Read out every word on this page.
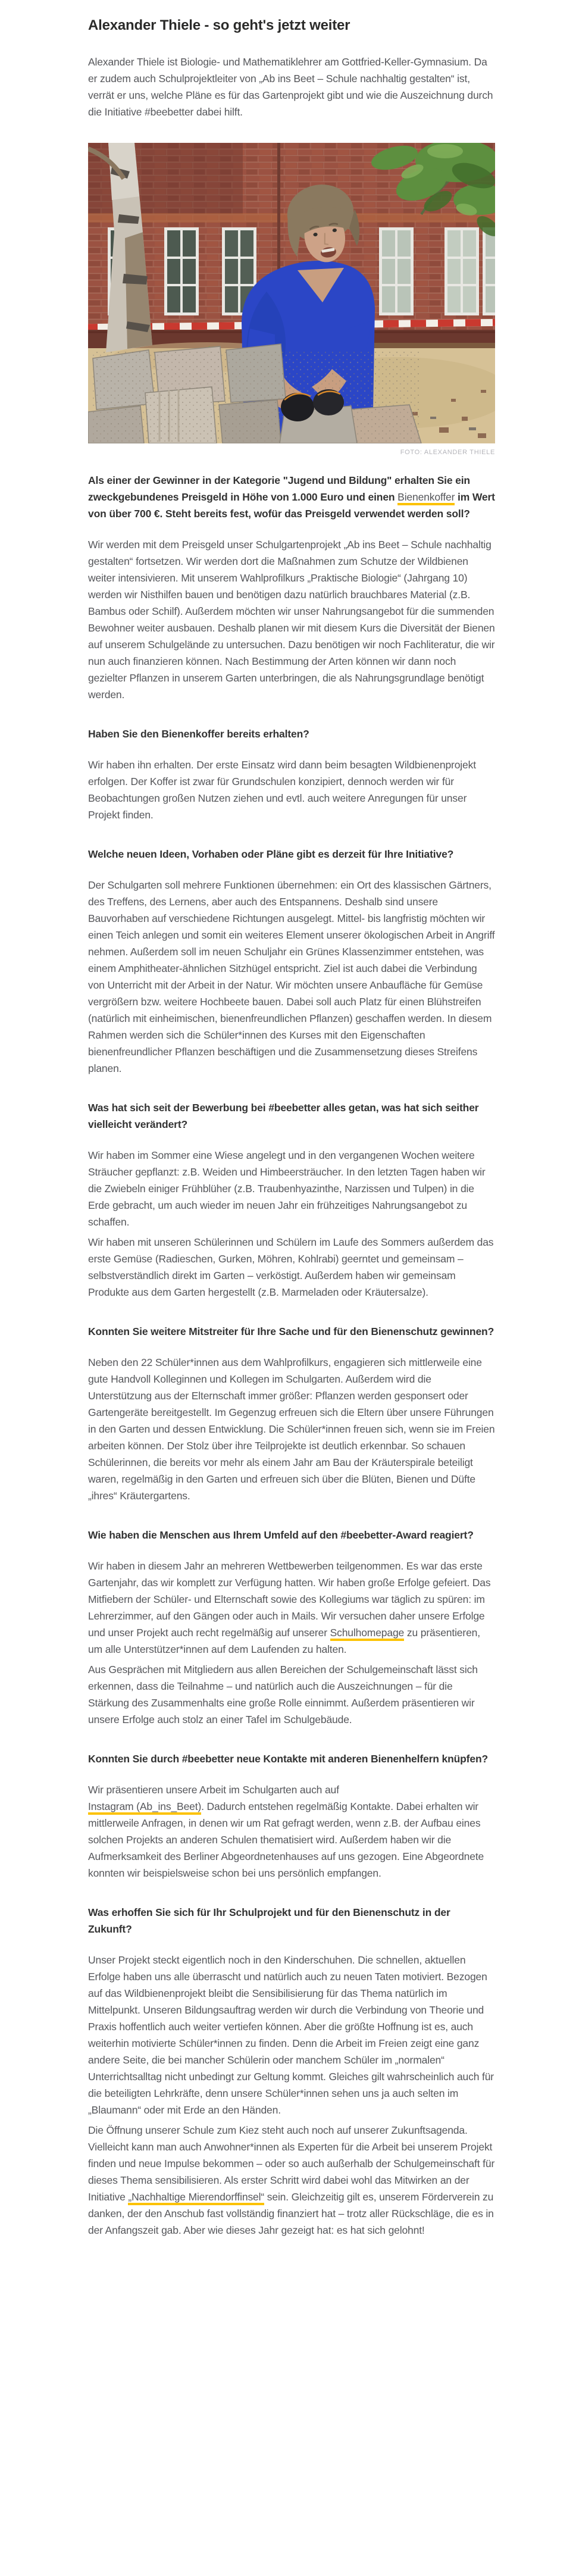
Alexander Thiele - so geht's jetzt weiter

Alexander Thiele ist Biologie- und Mathematiklehrer am Gottfried-Keller-Gymnasium. Da er zudem auch Schulprojektleiter von „Ab ins Beet – Schule nachhaltig gestalten“ ist, verrät er uns, welche Pläne es für das Gartenprojekt gibt und wie die Auszeichnung durch die Initiative #beebetter dabei hilft.

FOTO: ALEXANDER THIELE

Als einer der Gewinner in der Kategorie "Jugend und Bildung" erhalten Sie ein zweckgebundenes Preisgeld in Höhe von 1.000 Euro und einen Bienenkoffer im Wert von über 700 €. Steht bereits fest, wofür das Preisgeld verwendet werden soll?

Wir werden mit dem Preisgeld unser Schulgartenprojekt „Ab ins Beet – Schule nachhaltig gestalten“ fortsetzen. Wir werden dort die Maßnahmen zum Schutze der Wildbienen weiter intensivieren. Mit unserem Wahlprofilkurs „Praktische Biologie“ (Jahrgang 10) werden wir Nisthilfen bauen und benötigen dazu natürlich brauchbares Material (z.B. Bambus oder Schilf). Außerdem möchten wir unser Nahrungsangebot für die summenden Bewohner weiter ausbauen. Deshalb planen wir mit diesem Kurs die Diversität der Bienen auf unserem Schulgelände zu untersuchen. Dazu benötigen wir noch Fachliteratur, die wir nun auch finanzieren können. Nach Bestimmung der Arten können wir dann noch gezielter Pflanzen in unserem Garten unterbringen, die als Nahrungsgrundlage benötigt werden.

Haben Sie den Bienenkoffer bereits erhalten?

Wir haben ihn erhalten. Der erste Einsatz wird dann beim besagten Wildbienenprojekt erfolgen. Der Koffer ist zwar für Grundschulen konzipiert, dennoch werden wir für Beobachtungen großen Nutzen ziehen und evtl. auch weitere Anregungen für unser Projekt finden.

Welche neuen Ideen, Vorhaben oder Pläne gibt es derzeit für Ihre Initiative?

Der Schulgarten soll mehrere Funktionen übernehmen: ein Ort des klassischen Gärtners, des Treffens, des Lernens, aber auch des Entspannens. Deshalb sind unsere Bauvorhaben auf verschiedene Richtungen ausgelegt. Mittel- bis langfristig möchten wir einen Teich anlegen und somit ein weiteres Element unserer ökologischen Arbeit in Angriff nehmen. Außerdem soll im neuen Schuljahr ein Grünes Klassenzimmer entstehen, was einem Amphitheater-ähnlichen Sitzhügel entspricht. Ziel ist auch dabei die Verbindung von Unterricht mit der Arbeit in der Natur. Wir möchten unsere Anbaufläche für Gemüse vergrößern bzw. weitere Hochbeete bauen. Dabei soll auch Platz für einen Blühstreifen (natürlich mit einheimischen, bienenfreundlichen Pflanzen) geschaffen werden. In diesem Rahmen werden sich die Schüler*innen des Kurses mit den Eigenschaften bienenfreundlicher Pflanzen beschäftigen und die Zusammensetzung dieses Streifens planen.

Was hat sich seit der Bewerbung bei #beebetter alles getan, was hat sich seither vielleicht verändert?

Wir haben im Sommer eine Wiese angelegt und in den vergangenen Wochen weitere Sträucher gepflanzt: z.B. Weiden und Himbeersträucher. In den letzten Tagen haben wir die Zwiebeln einiger Frühblüher (z.B. Traubenhyazinthe, Narzissen und Tulpen) in die Erde gebracht, um auch wieder im neuen Jahr ein frühzeitiges Nahrungsangebot zu schaffen.

Wir haben mit unseren Schülerinnen und Schülern im Laufe des Sommers außerdem das erste Gemüse (Radieschen, Gurken, Möhren, Kohlrabi) geerntet und gemeinsam – selbstverständlich direkt im Garten – verköstigt. Außerdem haben wir gemeinsam Produkte aus dem Garten hergestellt (z.B. Marmeladen oder Kräutersalze).

Konnten Sie weitere Mitstreiter für Ihre Sache und für den Bienenschutz gewinnen?

Neben den 22 Schüler*innen aus dem Wahlprofilkurs, engagieren sich mittlerweile eine gute Handvoll Kolleginnen und Kollegen im Schulgarten. Außerdem wird die Unterstützung aus der Elternschaft immer größer: Pflanzen werden gesponsert oder Gartengeräte bereitgestellt. Im Gegenzug erfreuen sich die Eltern über unsere Führungen in den Garten und dessen Entwicklung. Die Schüler*innen freuen sich, wenn sie im Freien arbeiten können. Der Stolz über ihre Teilprojekte ist deutlich erkennbar. So schauen Schülerinnen, die bereits vor mehr als einem Jahr am Bau der Kräuterspirale beteiligt waren, regelmäßig in den Garten und erfreuen sich über die Blüten, Bienen und Düfte „ihres“ Kräutergartens.

Wie haben die Menschen aus Ihrem Umfeld auf den #beebetter-Award reagiert?

Wir haben in diesem Jahr an mehreren Wettbewerben teilgenommen. Es war das erste Gartenjahr, das wir komplett zur Verfügung hatten. Wir haben große Erfolge gefeiert. Das Mitfiebern der Schüler- und Elternschaft sowie des Kollegiums war täglich zu spüren: im Lehrerzimmer, auf den Gängen oder auch in Mails. Wir versuchen daher unsere Erfolge und unser Projekt auch recht regelmäßig auf unserer Schulhomepage zu präsentieren, um alle Unterstützer*innen auf dem Laufenden zu halten.

Aus Gesprächen mit Mitgliedern aus allen Bereichen der Schulgemeinschaft lässt sich erkennen, dass die Teilnahme – und natürlich auch die Auszeichnungen – für die Stärkung des Zusammenhalts eine große Rolle einnimmt. Außerdem präsentieren wir unsere Erfolge auch stolz an einer Tafel im Schulgebäude.

Konnten Sie durch #beebetter neue Kontakte mit anderen Bienenhelfern knüpfen?

Wir präsentieren unsere Arbeit im Schulgarten auch auf
Instagram (Ab_ins_Beet). Dadurch entstehen regelmäßig Kontakte. Dabei erhalten wir mittlerweile Anfragen, in denen wir um Rat gefragt werden, wenn z.B. der Aufbau eines solchen Projekts an anderen Schulen thematisiert wird. Außerdem haben wir die Aufmerksamkeit des Berliner Abgeordnetenhauses auf uns gezogen. Eine Abgeordnete konnten wir beispielsweise schon bei uns persönlich empfangen.

Was erhoffen Sie sich für Ihr Schulprojekt und für den Bienenschutz in der Zukunft?

Unser Projekt steckt eigentlich noch in den Kinderschuhen. Die schnellen, aktuellen Erfolge haben uns alle überrascht und natürlich auch zu neuen Taten motiviert. Bezogen auf das Wildbienenprojekt bleibt die Sensibilisierung für das Thema natürlich im Mittelpunkt. Unseren Bildungsauftrag werden wir durch die Verbindung von Theorie und Praxis hoffentlich auch weiter vertiefen können. Aber die größte Hoffnung ist es, auch weiterhin motivierte Schüler*innen zu finden. Denn die Arbeit im Freien zeigt eine ganz andere Seite, die bei mancher Schülerin oder manchem Schüler im „normalen“ Unterrichtsalltag nicht unbedingt zur Geltung kommt. Gleiches gilt wahrscheinlich auch für die beteiligten Lehrkräfte, denn unsere Schüler*innen sehen uns ja auch selten im „Blaumann“ oder mit Erde an den Händen.

Die Öffnung unserer Schule zum Kiez steht auch noch auf unserer Zukunftsagenda. Vielleicht kann man auch Anwohner*innen als Experten für die Arbeit bei unserem Projekt finden und neue Impulse bekommen – oder so auch außerhalb der Schulgemeinschaft für dieses Thema sensibilisieren. Als erster Schritt wird dabei wohl das Mitwirken an der Initiative „Nachhaltige Mierendorffinsel“ sein. Gleichzeitig gilt es, unserem Förderverein zu danken, der den Anschub fast vollständig finanziert hat – trotz aller Rückschläge, die es in der Anfangszeit gab. Aber wie dieses Jahr gezeigt hat: es hat sich gelohnt!
